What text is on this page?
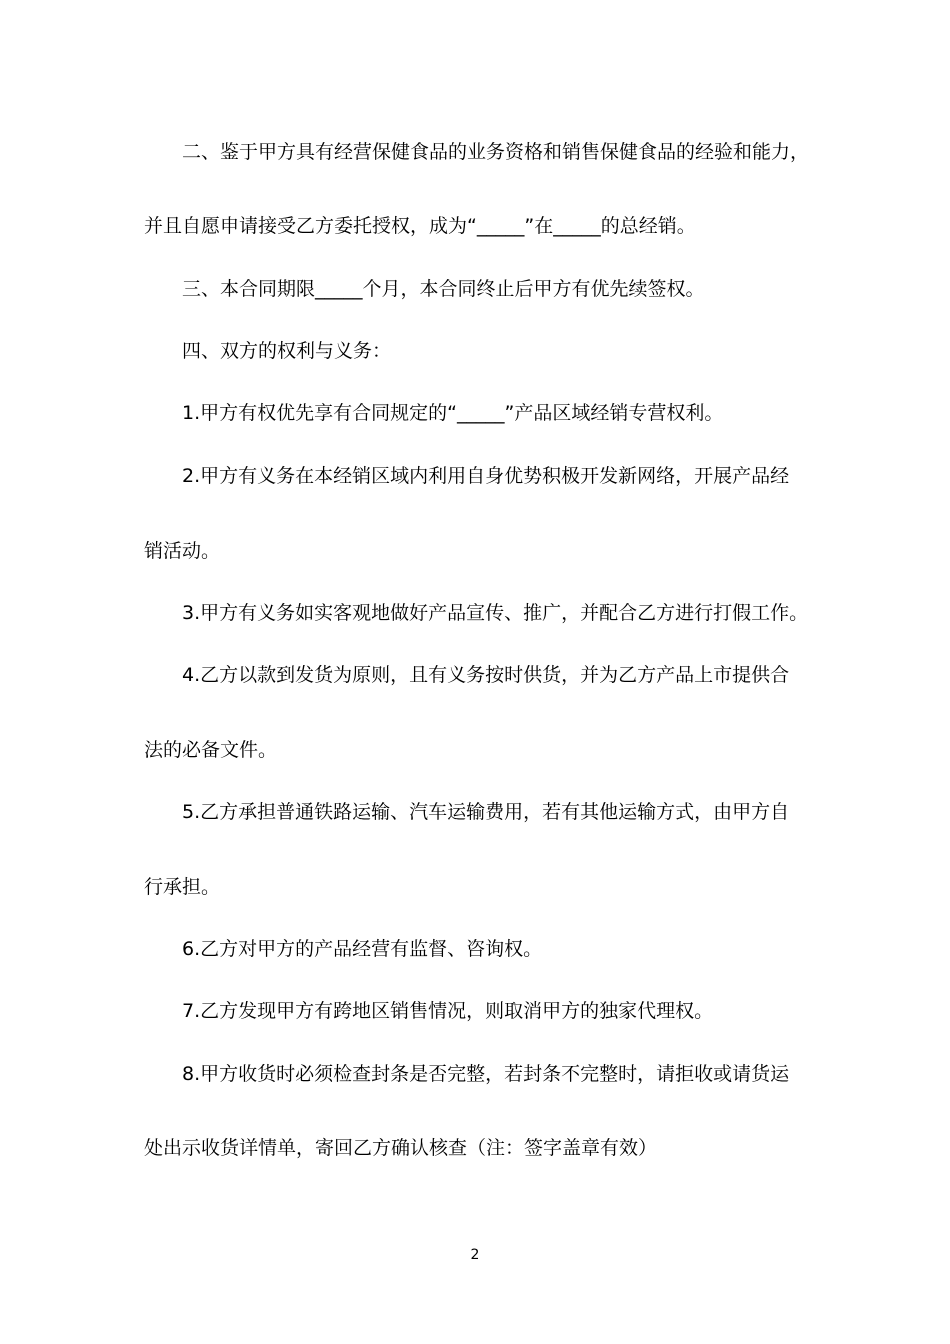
二、鉴于甲方具有经营保健食品的业务资格和销售保健食品的经验和能力，
并且自愿申请接受乙方委托授权，成为“_____”在_____的总经销。
三、本合同期限_____个月，本合同终止后甲方有优先续签权。
四、双方的权利与义务：
1.甲方有权优先享有合同规定的“_____”产品区域经销专营权利。
2.甲方有义务在本经销区域内利用自身优势积极开发新网络，开展产品经
销活动。
3.甲方有义务如实客观地做好产品宣传、推广，并配合乙方进行打假工作。
4.乙方以款到发货为原则，且有义务按时供货，并为乙方产品上市提供合
法的必备文件。
5.乙方承担普通铁路运输、汽车运输费用，若有其他运输方式，由甲方自
行承担。
6.乙方对甲方的产品经营有监督、咨询权。
7.乙方发现甲方有跨地区销售情况，则取消甲方的独家代理权。
8.甲方收货时必须检查封条是否完整，若封条不完整时，请拒收或请货运
处出示收货详情单，寄回乙方确认核查（注：签字盖章有效）
2
